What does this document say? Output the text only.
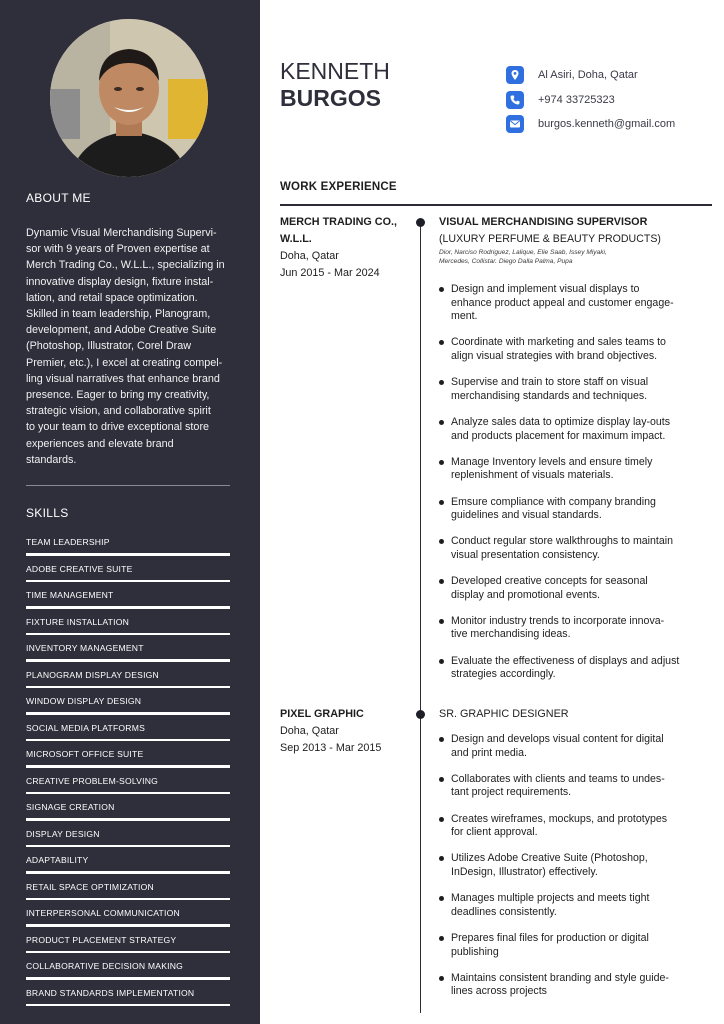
ABOUT ME
Dynamic Visual Merchandising Supervi-
sor with 9 years of Proven expertise at
Merch Trading Co., W.L.L., specializing in
innovative display design, fixture instal-
lation, and retail space optimization.
Skilled in team leadership, Planogram,
development, and Adobe Creative Suite
(Photoshop, Illustrator, Corel Draw
Premier, etc.), I excel at creating compel-
ling visual narratives that enhance brand
presence. Eager to bring my creativity,
strategic vision, and collaborative spirit
to your team to drive exceptional store
experiences and elevate brand
standards.
SKILLS
TEAM LEADERSHIP
ADOBE CREATIVE SUITE
TIME MANAGEMENT
FIXTURE INSTALLATION
INVENTORY MANAGEMENT
PLANOGRAM DISPLAY DESIGN
WINDOW DISPLAY DESIGN
SOCIAL MEDIA PLATFORMS
MICROSOFT OFFICE SUITE
CREATIVE PROBLEM-SOLVING
SIGNAGE CREATION
DISPLAY DESIGN
ADAPTABILITY
RETAIL SPACE OPTIMIZATION
INTERPERSONAL COMMUNICATION
PRODUCT PLACEMENT STRATEGY
COLLABORATIVE DECISION MAKING
BRAND STANDARDS IMPLEMENTATION
KENNETH
BURGOS
Al Asiri, Doha, Qatar
+974 33725323
burgos.kenneth@gmail.com
WORK EXPERIENCE
MERCH TRADING CO.,
W.L.L.
Doha, Qatar
Jun 2015 - Mar 2024
VISUAL MERCHANDISING SUPERVISOR
(LUXURY PERFUME & BEAUTY PRODUCTS)
Dior, Narciso Rodriguez, Lalique, Elie Saab, Issey Miyaki,
Mercedes, Collistar. Diego Dalla Palma, Pupa
Design and implement visual displays to
enhance product appeal and customer engage-
ment.
Coordinate with marketing and sales teams to
align visual strategies with brand objectives.
Supervise and train to store staff on visual
merchandising standards and techniques.
Analyze sales data to optimize display lay-outs
and products placement for maximum impact.
Manage Inventory levels and ensure timely
replenishment of visuals materials.
Emsure compliance with company branding
guidelines and visual standards.
Conduct regular store walkthroughs to maintain
visual presentation consistency.
Developed creative concepts for seasonal
display and promotional events.
Monitor industry trends to incorporate innova-
tive merchandising ideas.
Evaluate the effectiveness of displays and adjust
strategies accordingly.
PIXEL GRAPHIC
Doha, Qatar
Sep 2013 - Mar 2015
SR. GRAPHIC DESIGNER
Design and develops visual content for digital
and print media.
Collaborates with clients and teams to undes-
tant project requirements.
Creates wireframes, mockups, and prototypes
for client approval.
Utilizes Adobe Creative Suite (Photoshop,
InDesign, Illustrator) effectively.
Manages multiple projects and meets tight
deadlines consistently.
Prepares final files for production or digital
publishing
Maintains consistent branding and style guide-
lines across projects
